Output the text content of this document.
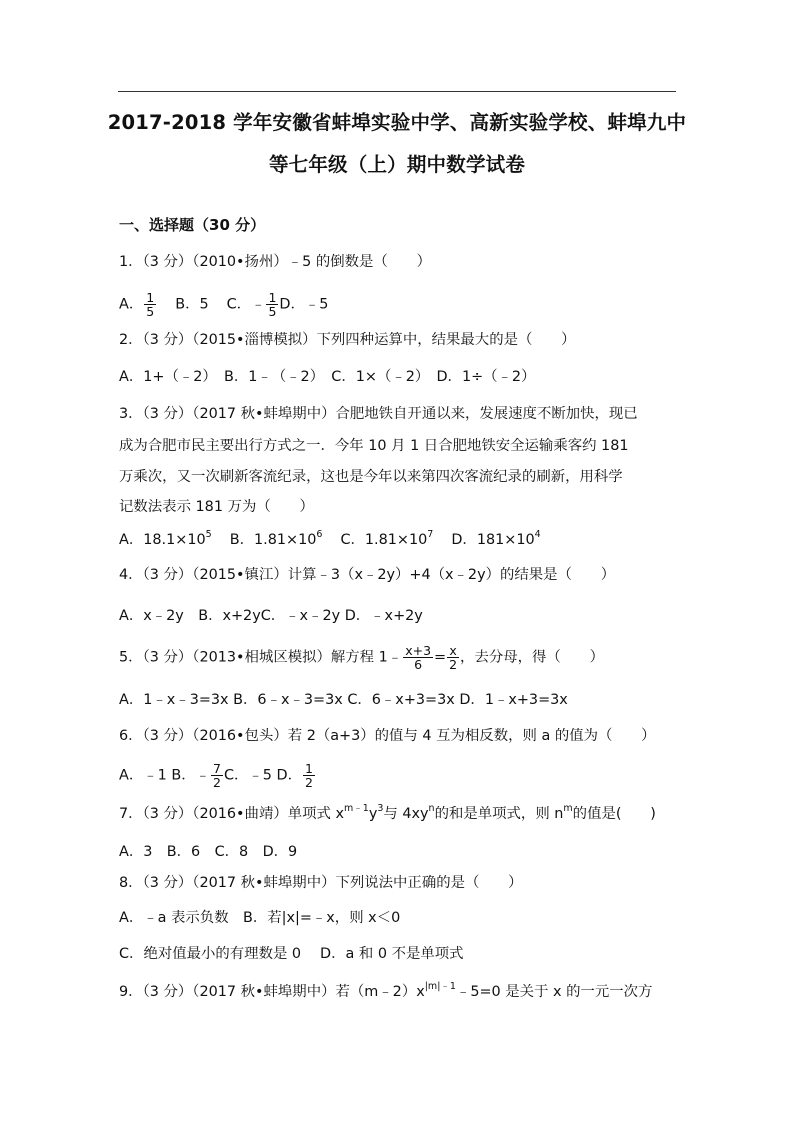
2017-2018 学年安徽省蚌埠实验中学、高新实验学校、蚌埠九中
等七年级（上）期中数学试卷
一、选择题（30 分）
1．（3 分）（2010•扬州）﹣5 的倒数是（　　）
A． $\frac{1}{5}$ B．5 C．﹣ $\frac{1}{5}$ D．﹣5
2．（3 分）（2015•淄博模拟）下列四种运算中，结果最大的是（　　）
A．1+（﹣2）　B．1﹣（﹣2）　C．1×（﹣2）　D．1÷（﹣2）
3．（3 分）（2017 秋•蚌埠期中）合肥地铁自开通以来，发展速度不断加快，现已
成为合肥市民主要出行方式之一．今年 10 月 1 日合肥地铁安全运输乘客约 181
万乘次，又一次刷新客流纪录，这也是今年以来第四次客流纪录的刷新，用科学
记数法表示 181 万为（　　）
A．$18.1\times 10^5$ B．$1.81\times 10^6$ C．$1.81\times 10^7$ D．$181\times 10^4$
4．（3 分）（2015•镇江）计算﹣3（x﹣2y）+4（x﹣2y）的结果是（　　）
A．x﹣2y　B．x+2yC．﹣x﹣2y D．﹣x+2y
5．（3 分）（2013•相城区模拟）解方程 1﹣ $\frac{x+3}{6} = \frac{x}{2}$ ，去分母，得（　　）
A．1﹣x﹣3=3x B．6﹣x﹣3=3x C．6﹣x+3=3x D．1﹣x+3=3x
6．（3 分）（2016•包头）若 2（a+3）的值与 4 互为相反数，则 a 的值为（　　）
A．﹣1 B．﹣ $\frac{7}{2}$ C．﹣5 D． $\frac{1}{2}$
7．（3 分）（2016•曲靖）单项式 $x^{m﹣1}y^3$与 $4xy^n$的和是单项式，则 $n^m$的值是(　　)
A．3　B．6　C．8　D．9
8．（3 分）（2017 秋•蚌埠期中）下列说法中正确的是（　　）
A．﹣a 表示负数　B．若|x|=﹣x，则 x＜0
C．绝对值最小的有理数是 0　 D．a 和 0 不是单项式
9．（3 分）（2017 秋•蚌埠期中）若$(m﹣2)x^{|m|﹣1}﹣5=0$ 是关于 x 的一元一次方
